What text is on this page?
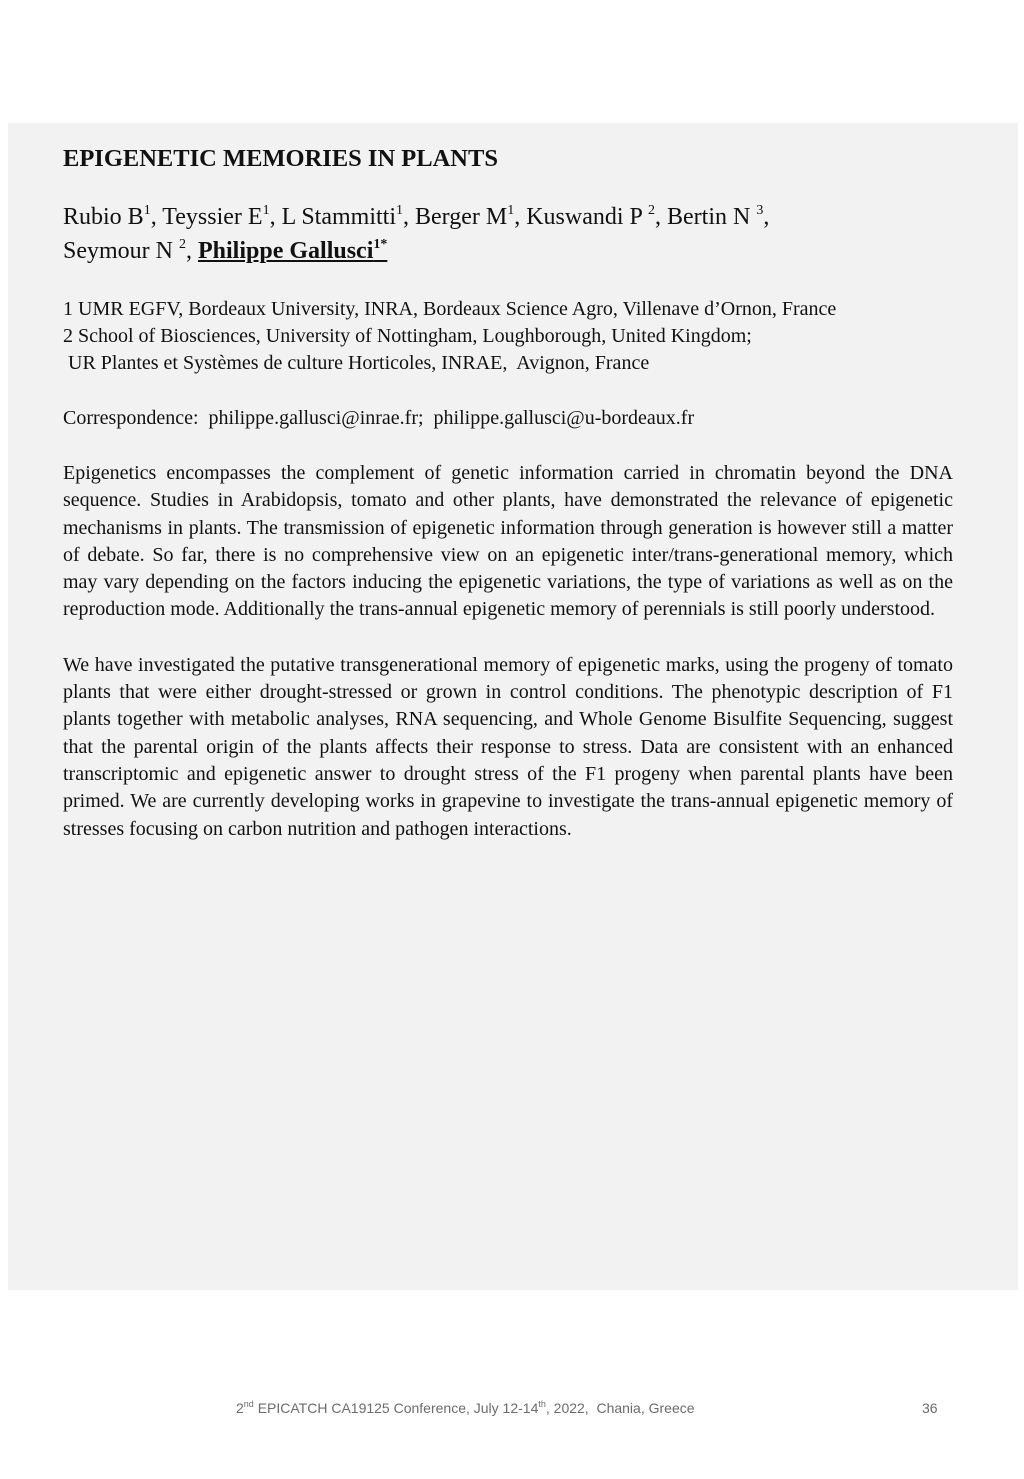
EPIGENETIC MEMORIES IN PLANTS

Rubio $B^1$, Teyssier $E^1$, L Stammitti$^1$, Berger $M^1$, Kuswandi P $^2$, Bertin N $^3$,
Seymour N $^2$, Philippe Gallusci$^{1*}$

1 UMR EGFV, Bordeaux University, INRA, Bordeaux Science Agro, Villenave d’Ornon, France
2 School of Biosciences, University of Nottingham, Loughborough, United Kingdom;
UR Plantes et Systèmes de culture Horticoles, INRAE,  Avignon, France

Correspondence: philippe.gallusci@inrae.fr;  philippe.gallusci@u-bordeaux.fr

Epigenetics encompasses the complement of genetic information carried in chromatin beyond the DNA sequence. Studies in Arabidopsis, tomato and other plants, have demonstrated the relevance of epigenetic mechanisms in plants. The transmission of epigenetic information through generation is however still a matter of debate. So far, there is no comprehensive view on an epigenetic inter/trans-generational memory, which may vary depending on the factors inducing the epigenetic variations, the type of variations as well as on the reproduction mode. Additionally the trans-annual epigenetic memory of perennials is still poorly understood.

We have investigated the putative transgenerational memory of epigenetic marks, using the progeny of tomato plants that were either drought-stressed or grown in control conditions. The phenotypic description of F1 plants together with metabolic analyses, RNA sequencing, and Whole Genome Bisulfite Sequencing, suggest that the parental origin of the plants affects their response to stress. Data are consistent with an enhanced transcriptomic and epigenetic answer to drought stress of the F1 progeny when parental plants have been primed. We are currently developing works in grapevine to investigate the trans-annual epigenetic memory of stresses focusing on carbon nutrition and pathogen interactions.

2nd EPICATCH CA19125 Conference, July 12-14th, 2022,  Chania, Greece	36
